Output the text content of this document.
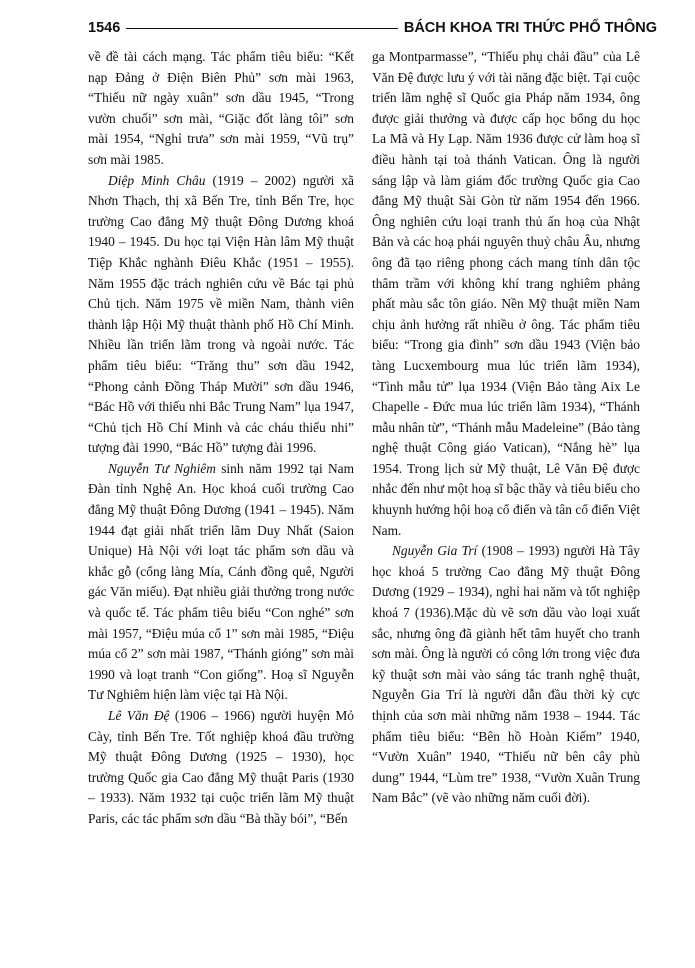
1546	BÁCH KHOA TRI THỨC PHỔ THÔNG

về đề tài cách mạng. Tác phẩm tiêu biểu: “Kết nạp Đảng ở Điện Biên Phủ” sơn mài 1963, “Thiếu nữ ngày xuân” sơn dầu 1945, “Trong vườn chuối” sơn mài, “Giặc đốt làng tôi” sơn mài 1954, “Nghỉ trưa” sơn mài 1959, “Vũ trụ” sơn mài 1985.

Diệp Minh Châu (1919 – 2002) người xã Nhơn Thạch, thị xã Bến Tre, tỉnh Bến Tre, học trường Cao đẳng Mỹ thuật Đông Dương khoá 1940 – 1945. Du học tại Viện Hàn lâm Mỹ thuật Tiệp Khắc nghành Điêu Khắc (1951 – 1955). Năm 1955 đặc trách nghiên cứu về Bác tại phủ Chủ tịch. Năm 1975 về miền Nam, thành viên thành lập Hội Mỹ thuật thành phố Hồ Chí Minh. Nhiều lần triển lãm trong và ngoài nước. Tác phẩm tiêu biểu: “Trăng thu” sơn dầu 1942, “Phong cảnh Đồng Tháp Mười” sơn dầu 1946, “Bác Hồ với thiếu nhi Bắc Trung Nam” lụa 1947, “Chủ tịch Hồ Chí Minh và các cháu thiếu nhi” tượng đài 1990, “Bác Hồ” tượng đài 1996.

Nguyễn Tư Nghiêm sinh năm 1992 tại Nam Đàn tỉnh Nghệ An. Học khoá cuối trường Cao đẳng Mỹ thuật Đông Dương (1941 – 1945). Năm 1944 đạt giải nhất triển lãm Duy Nhất (Saion Unique) Hà Nội với loạt tác phẩm sơn dầu và khắc gỗ (cổng làng Mía, Cánh đồng quê, Người gác Văn miếu). Đạt nhiều giải thưởng trong nước và quốc tế. Tác phẩm tiêu biểu “Con nghé” sơn mài 1957, “Điệu múa cổ 1” sơn mài 1985, “Điệu múa cổ 2” sơn mài 1987, “Thánh gióng” sơn mài 1990 và loạt tranh “Con giống”. Hoạ sĩ Nguyễn Tư Nghiêm hiện làm việc tại Hà Nội.

Lê Văn Đệ (1906 – 1966) người huyện Mỏ Cày, tỉnh Bến Tre. Tốt nghiệp khoá đầu trường Mỹ thuật Đông Dương (1925 – 1930), học trường Quốc gia Cao đẳng Mỹ thuật Paris (1930 – 1933). Năm 1932 tại cuộc triển lãm Mỹ thuật Paris, các tác phẩm sơn dầu “Bà thầy bói”, “Bến

ga Montparmasse”, “Thiếu phụ chải đầu” của Lê Văn Đệ được lưu ý với tài năng đặc biệt. Tại cuộc triển lãm nghệ sĩ Quốc gia Pháp năm 1934, ông được giải thưởng và được cấp học bổng du học La Mã và Hy Lạp. Năm 1936 được cử làm hoạ sĩ điều hành tại toà thánh Vatican. Ông là người sáng lập và làm giám đốc trường Quốc gia Cao đẳng Mỹ thuật Sài Gòn từ năm 1954 đến 1966. Ông nghiên cứu loại tranh thủ ấn hoạ của Nhật Bản và các hoạ phái nguyên thuỷ châu Âu, nhưng ông đã tạo riêng phong cách mang tính dân tộc thâm trầm với không khí trang nghiêm phảng phất màu sắc tôn giáo. Nền Mỹ thuật miền Nam chịu ảnh hưởng rất nhiều ở ông. Tác phẩm tiêu biểu: “Trong gia đình” sơn dầu 1943 (Viện bảo tàng Lucxembourg mua lúc triển lãm 1934), “Tình mẫu tử” lụa 1934 (Viện Bảo tàng Aix Le Chapelle - Đức mua lúc triển lãm 1934), “Thánh mẫu nhân từ”, “Thánh mẫu Madeleine” (Bảo tàng nghệ thuật Công giáo Vatican), “Nắng hè” lụa 1954. Trong lịch sử Mỹ thuật, Lê Văn Đệ được nhắc đến như một hoạ sĩ bậc thầy và tiêu biểu cho khuynh hướng hội hoạ cổ điển và tân cổ điển Việt Nam.

Nguyễn Gia Trí (1908 – 1993) người Hà Tây học khoá 5 trường Cao đẳng Mỹ thuật Đông Dương (1929 – 1934), nghỉ hai năm và tốt nghiệp khoá 7 (1936).Mặc dù vẽ sơn dầu vào loại xuất sắc, nhưng ông đã giành hết tâm huyết cho tranh sơn mài. Ông là người có công lớn trong việc đưa kỹ thuật sơn mài vào sáng tác tranh nghệ thuật, Nguyễn Gia Trí là người dẫn đầu thời kỳ cực thịnh của sơn mài những năm 1938 – 1944. Tác phẩm tiêu biểu: “Bên hồ Hoàn Kiếm” 1940, “Vườn Xuân” 1940, “Thiếu nữ bên cây phù dung” 1944, “Lùm tre” 1938, “Vườn Xuân Trung Nam Bắc” (vẽ vào những năm cuối đời).
